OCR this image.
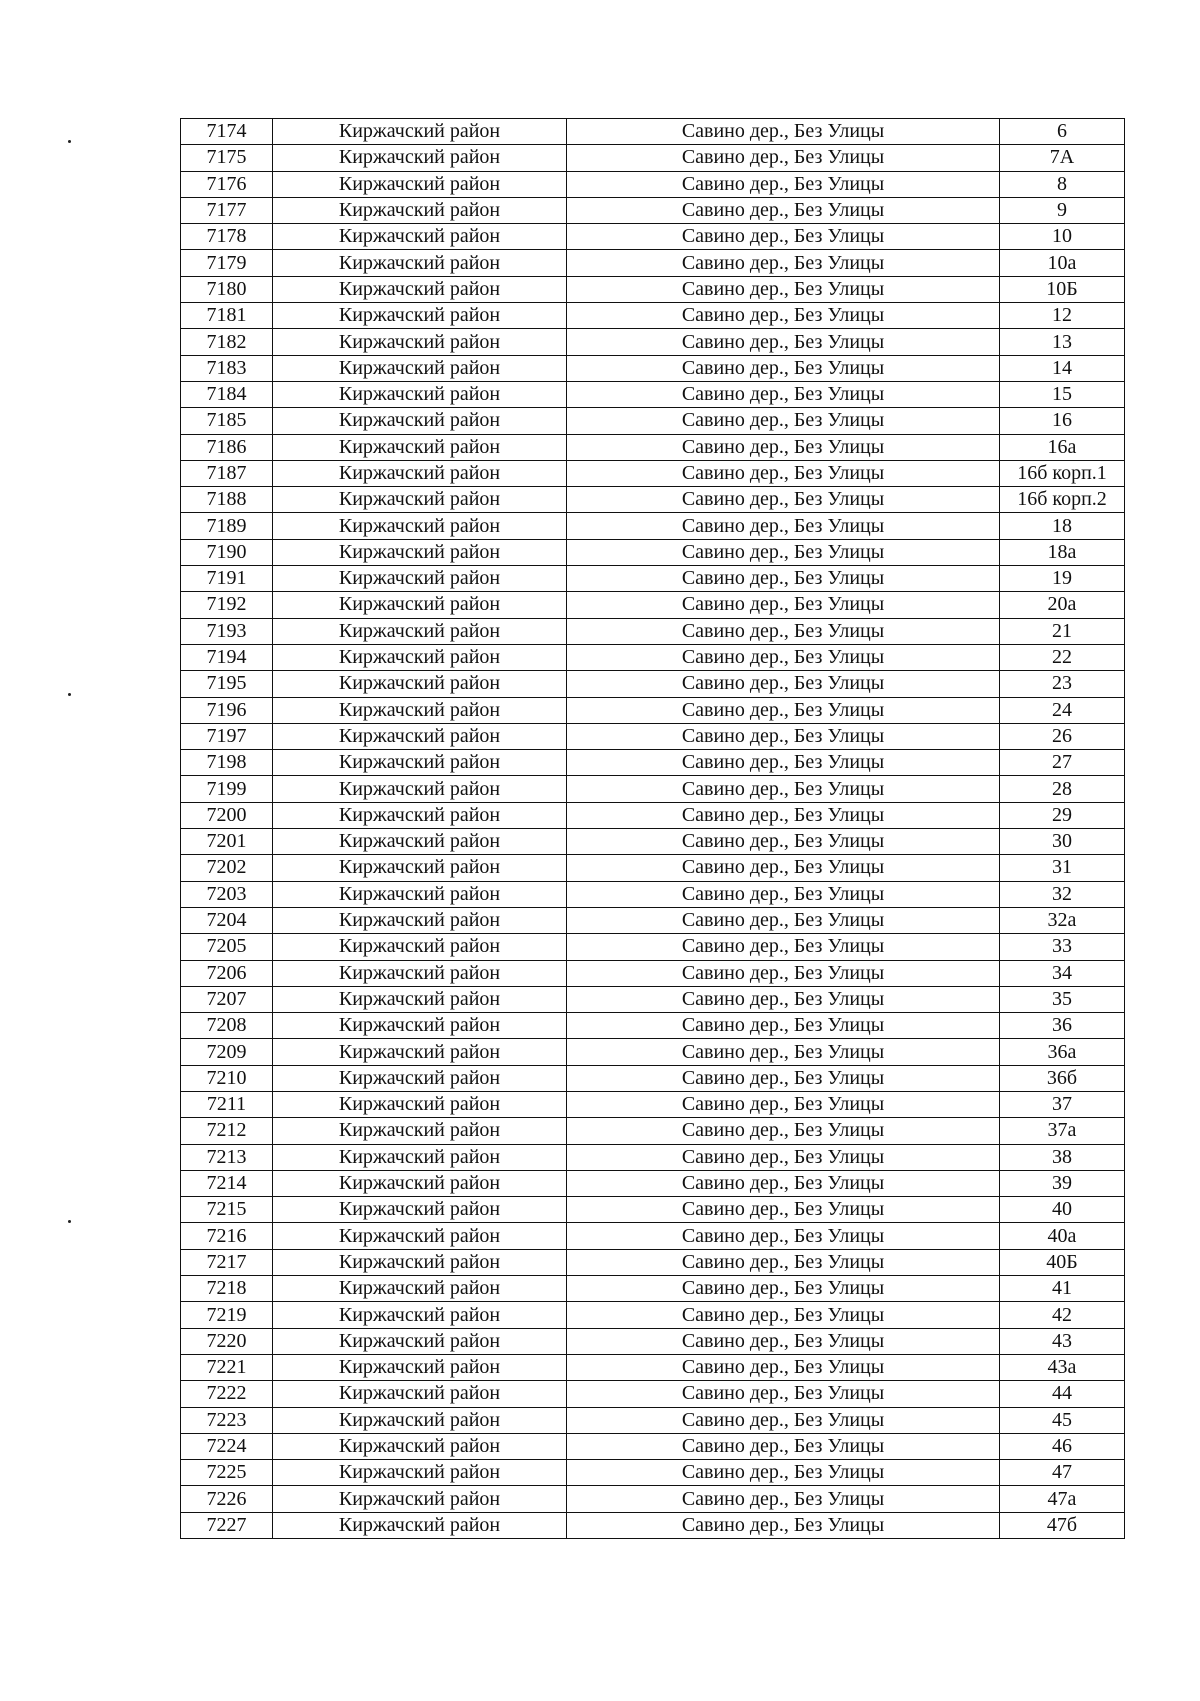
7174	Киржачский район	Савино дер., Без Улицы	6
7175	Киржачский район	Савино дер., Без Улицы	7А
7176	Киржачский район	Савино дер., Без Улицы	8
7177	Киржачский район	Савино дер., Без Улицы	9
7178	Киржачский район	Савино дер., Без Улицы	10
7179	Киржачский район	Савино дер., Без Улицы	10а
7180	Киржачский район	Савино дер., Без Улицы	10Б
7181	Киржачский район	Савино дер., Без Улицы	12
7182	Киржачский район	Савино дер., Без Улицы	13
7183	Киржачский район	Савино дер., Без Улицы	14
7184	Киржачский район	Савино дер., Без Улицы	15
7185	Киржачский район	Савино дер., Без Улицы	16
7186	Киржачский район	Савино дер., Без Улицы	16а
7187	Киржачский район	Савино дер., Без Улицы	16б корп.1
7188	Киржачский район	Савино дер., Без Улицы	16б корп.2
7189	Киржачский район	Савино дер., Без Улицы	18
7190	Киржачский район	Савино дер., Без Улицы	18а
7191	Киржачский район	Савино дер., Без Улицы	19
7192	Киржачский район	Савино дер., Без Улицы	20а
7193	Киржачский район	Савино дер., Без Улицы	21
7194	Киржачский район	Савино дер., Без Улицы	22
7195	Киржачский район	Савино дер., Без Улицы	23
7196	Киржачский район	Савино дер., Без Улицы	24
7197	Киржачский район	Савино дер., Без Улицы	26
7198	Киржачский район	Савино дер., Без Улицы	27
7199	Киржачский район	Савино дер., Без Улицы	28
7200	Киржачский район	Савино дер., Без Улицы	29
7201	Киржачский район	Савино дер., Без Улицы	30
7202	Киржачский район	Савино дер., Без Улицы	31
7203	Киржачский район	Савино дер., Без Улицы	32
7204	Киржачский район	Савино дер., Без Улицы	32а
7205	Киржачский район	Савино дер., Без Улицы	33
7206	Киржачский район	Савино дер., Без Улицы	34
7207	Киржачский район	Савино дер., Без Улицы	35
7208	Киржачский район	Савино дер., Без Улицы	36
7209	Киржачский район	Савино дер., Без Улицы	36а
7210	Киржачский район	Савино дер., Без Улицы	36б
7211	Киржачский район	Савино дер., Без Улицы	37
7212	Киржачский район	Савино дер., Без Улицы	37а
7213	Киржачский район	Савино дер., Без Улицы	38
7214	Киржачский район	Савино дер., Без Улицы	39
7215	Киржачский район	Савино дер., Без Улицы	40
7216	Киржачский район	Савино дер., Без Улицы	40а
7217	Киржачский район	Савино дер., Без Улицы	40Б
7218	Киржачский район	Савино дер., Без Улицы	41
7219	Киржачский район	Савино дер., Без Улицы	42
7220	Киржачский район	Савино дер., Без Улицы	43
7221	Киржачский район	Савино дер., Без Улицы	43а
7222	Киржачский район	Савино дер., Без Улицы	44
7223	Киржачский район	Савино дер., Без Улицы	45
7224	Киржачский район	Савино дер., Без Улицы	46
7225	Киржачский район	Савино дер., Без Улицы	47
7226	Киржачский район	Савино дер., Без Улицы	47а
7227	Киржачский район	Савино дер., Без Улицы	47б
